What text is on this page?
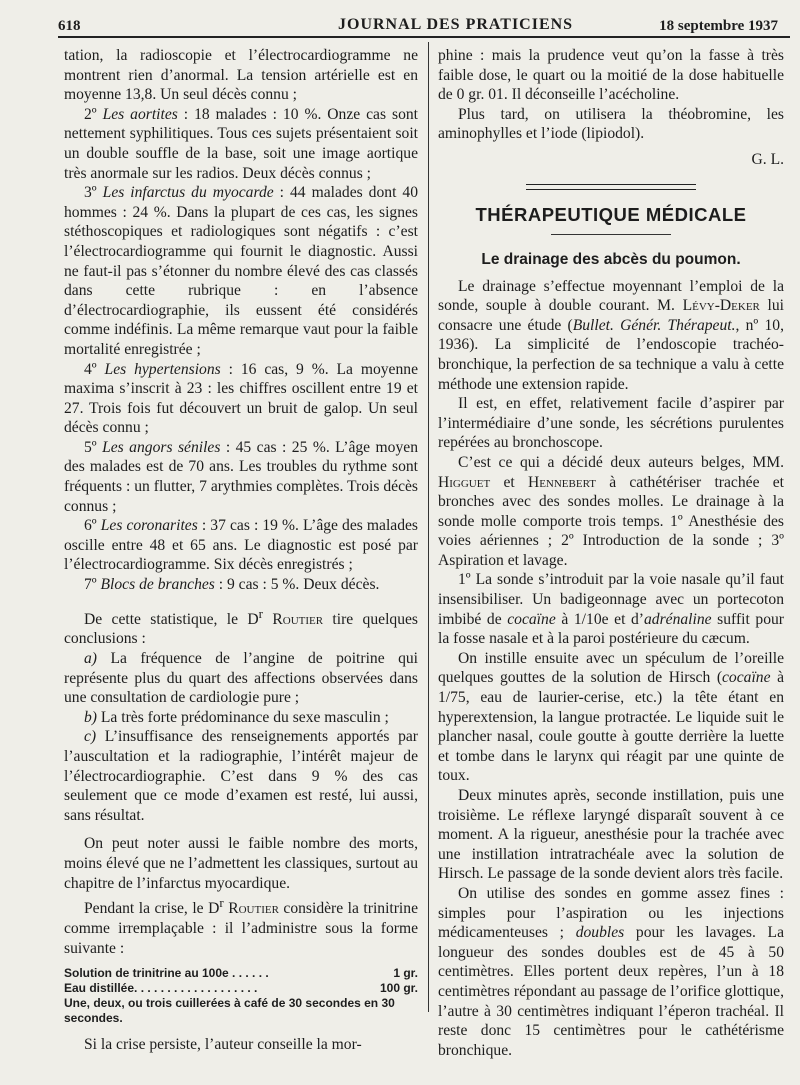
618	JOURNAL DES PRATICIENS	18 septembre 1937

tation, la radioscopie et l’électrocardiogramme ne montrent rien d’anormal. La tension artérielle est en moyenne 13,8. Un seul décès connu ;

2º Les aortites : 18 malades : 10 %. Onze cas sont nettement syphilitiques. Tous ces sujets présentaient soit un double souffle de la base, soit une image aortique très anormale sur les radios. Deux décès connus ;

3º Les infarctus du myocarde : 44 malades dont 40 hommes : 24 %. Dans la plupart de ces cas, les signes stéthoscopiques et radiologiques sont négatifs : c’est l’électrocardiogramme qui fournit le diagnostic. Aussi ne faut-il pas s’étonner du nombre élevé des cas classés dans cette rubrique : en l’absence d’électrocardiographie, ils eussent été considérés comme indéfinis. La même remarque vaut pour la faible mortalité enregistrée ;

4º Les hypertensions : 16 cas, 9 %. La moyenne maxima s’inscrit à 23 : les chiffres oscillent entre 19 et 27. Trois fois fut découvert un bruit de galop. Un seul décès connu ;

5º Les angors séniles : 45 cas : 25 %. L’âge moyen des malades est de 70 ans. Les troubles du rythme sont fréquents : un flutter, 7 arythmies complètes. Trois décès connus ;

6º Les coronarites : 37 cas : 19 %. L’âge des malades oscille entre 48 et 65 ans. Le diagnostic est posé par l’électrocardiogramme. Six décès enregistrés ;

7º Blocs de branches : 9 cas : 5 %. Deux décès.

De cette statistique, le $D^r$ Routier tire quelques conclusions :

a) La fréquence de l’angine de poitrine qui représente plus du quart des affections observées dans une consultation de cardiologie pure ;

b) La très forte prédominance du sexe masculin ;

c) L’insuffisance des renseignements apportés par l’auscultation et la radiographie, l’intérêt majeur de l’électrocardiographie. C’est dans 9 % des cas seulement que ce mode d’examen est resté, lui aussi, sans résultat.

On peut noter aussi le faible nombre des morts, moins élevé que ne l’admettent les classiques, surtout au chapitre de l’infarctus myocardique.

Pendant la crise, le $D^r$ Routier considère la trinitrine comme irremplaçable : il l’administre sous la forme suivante :

Solution de trinitrine au 100e . . . . . .	1 gr.
Eau distillée. . . . . . . . . . . . . . . . . . .	100 gr.
Une, deux, ou trois cuillerées à café de 30 secondes en 30 secondes.

Si la crise persiste, l’auteur conseille la mor-

phine : mais la prudence veut qu’on la fasse à très faible dose, le quart ou la moitié de la dose habituelle de 0 gr. 01. Il déconseille l’acécholine.

Plus tard, on utilisera la théobromine, les aminophylles et l’iode (lipiodol).

G. L.

THÉRAPEUTIQUE MÉDICALE
Le drainage des abcès du poumon.

Le drainage s’effectue moyennant l’emploi de la sonde, souple à double courant. M. Lévy-Deker lui consacre une étude (Bullet. Génér. Thérapeut., nº 10, 1936). La simplicité de l’endoscopie trachéo-bronchique, la perfection de sa technique a valu à cette méthode une extension rapide.

Il est, en effet, relativement facile d’aspirer par l’intermédiaire d’une sonde, les sécrétions purulentes repérées au bronchoscope.

C’est ce qui a décidé deux auteurs belges, MM. Higguet et Hennebert à cathétériser trachée et bronches avec des sondes molles. Le drainage à la sonde molle comporte trois temps. 1º Anesthésie des voies aériennes ; 2º Introduction de la sonde ; 3º Aspiration et lavage.

1º La sonde s’introduit par la voie nasale qu’il faut insensibiliser. Un badigeonnage avec un portecoton imbibé de cocaïne à 1/10e et d’adrénaline suffit pour la fosse nasale et à la paroi postérieure du cæcum.

On instille ensuite avec un spéculum de l’oreille quelques gouttes de la solution de Hirsch (cocaïne à 1/75, eau de laurier-cerise, etc.) la tête étant en hyperextension, la langue protractée. Le liquide suit le plancher nasal, coule goutte à goutte derrière la luette et tombe dans le larynx qui réagit par une quinte de toux.

Deux minutes après, seconde instillation, puis une troisième. Le réflexe laryngé disparaît souvent à ce moment. A la rigueur, anesthésie pour la trachée avec une instillation intratrachéale avec la solution de Hirsch. Le passage de la sonde devient alors très facile.

On utilise des sondes en gomme assez fines : simples pour l’aspiration ou les injections médicamenteuses ; doubles pour les lavages. La longueur des sondes doubles est de 45 à 50 centimètres. Elles portent deux repères, l’un à 18 centimètres répondant au passage de l’orifice glottique, l’autre à 30 centimètres indiquant l’éperon trachéal. Il reste donc 15 centimètres pour le cathétérisme bronchique.
